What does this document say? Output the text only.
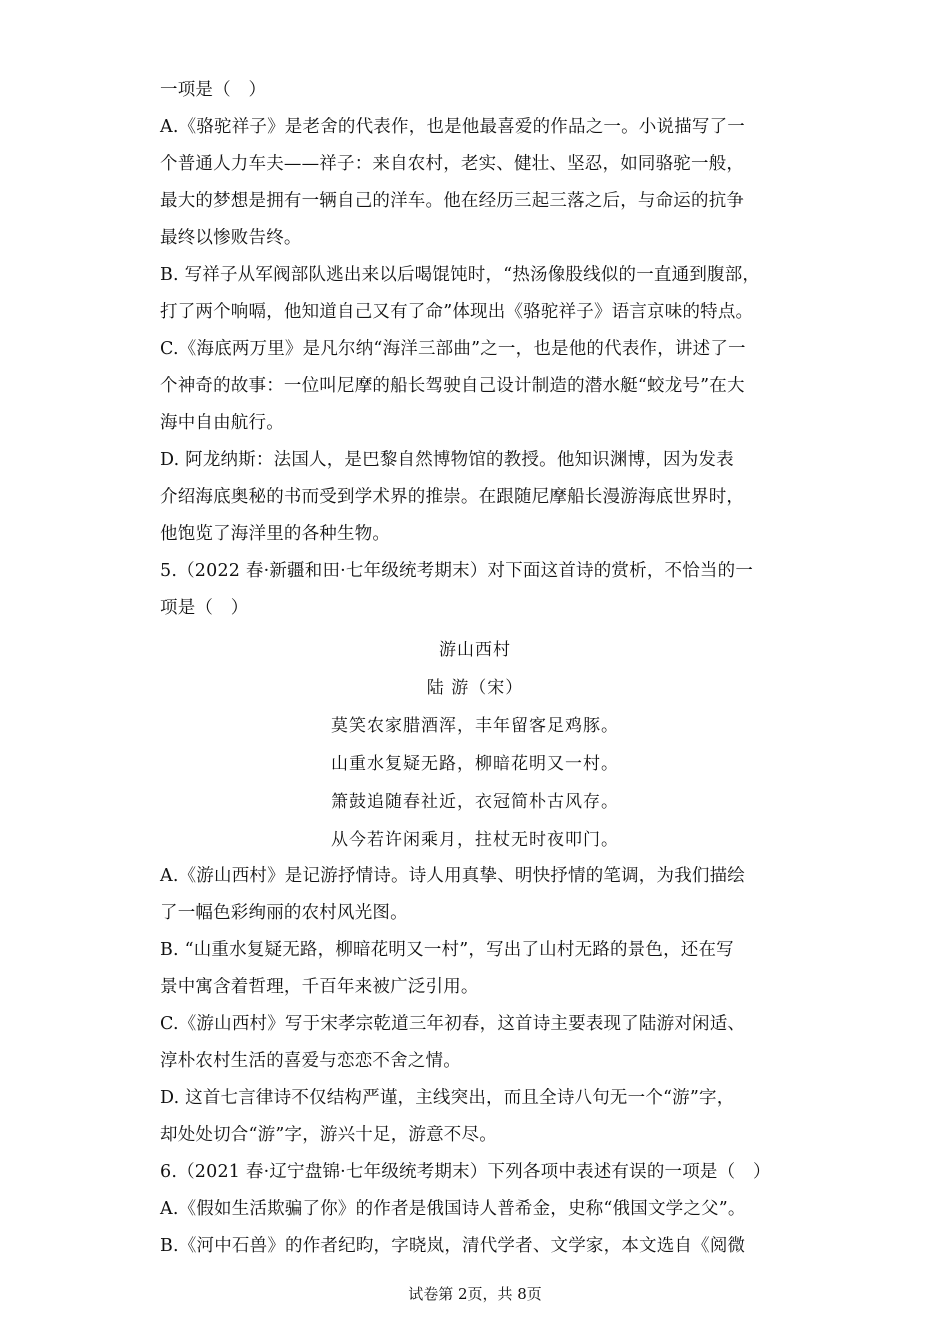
一项是（　）
A.《骆驼祥子》是老舍的代表作，也是他最喜爱的作品之一。小说描写了一
个普通人力车夫——祥子：来自农村，老实、健壮、坚忍，如同骆驼一般，
最大的梦想是拥有一辆自己的洋车。他在经历三起三落之后，与命运的抗争
最终以惨败告终。
B. 写祥子从军阀部队逃出来以后喝馄饨时，“热汤像股线似的一直通到腹部，
打了两个响嗝，他知道自己又有了命”体现出《骆驼祥子》语言京味的特点。
C.《海底两万里》是凡尔纳“海洋三部曲”之一，也是他的代表作，讲述了一
个神奇的故事：一位叫尼摩的船长驾驶自己设计制造的潜水艇“蛟龙号”在大
海中自由航行。
D. 阿龙纳斯：法国人，是巴黎自然博物馆的教授。他知识渊博，因为发表
介绍海底奥秘的书而受到学术界的推崇。在跟随尼摩船长漫游海底世界时，
他饱览了海洋里的各种生物。
5.（2022 春·新疆和田·七年级统考期末）对下面这首诗的赏析，不恰当的一
项是（　）
游山西村
陆 游（宋）
莫笑农家腊酒浑，丰年留客足鸡豚。
山重水复疑无路，柳暗花明又一村。
箫鼓追随春社近，衣冠简朴古风存。
从今若许闲乘月，拄杖无时夜叩门。
A.《游山西村》是记游抒情诗。诗人用真挚、明快抒情的笔调，为我们描绘
了一幅色彩绚丽的农村风光图。
B. “山重水复疑无路，柳暗花明又一村”，写出了山村无路的景色，还在写
景中寓含着哲理，千百年来被广泛引用。
C.《游山西村》写于宋孝宗乾道三年初春，这首诗主要表现了陆游对闲适、
淳朴农村生活的喜爱与恋恋不舍之情。
D. 这首七言律诗不仅结构严谨，主线突出，而且全诗八句无一个“游”字，
却处处切合“游”字，游兴十足，游意不尽。
6.（2021 春·辽宁盘锦·七年级统考期末）下列各项中表述有误的一项是（　）
A.《假如生活欺骗了你》的作者是俄国诗人普希金，史称“俄国文学之父”。
B.《河中石兽》的作者纪昀，字晓岚，清代学者、文学家，本文选自《阅微
试卷第 2页，共 8页
